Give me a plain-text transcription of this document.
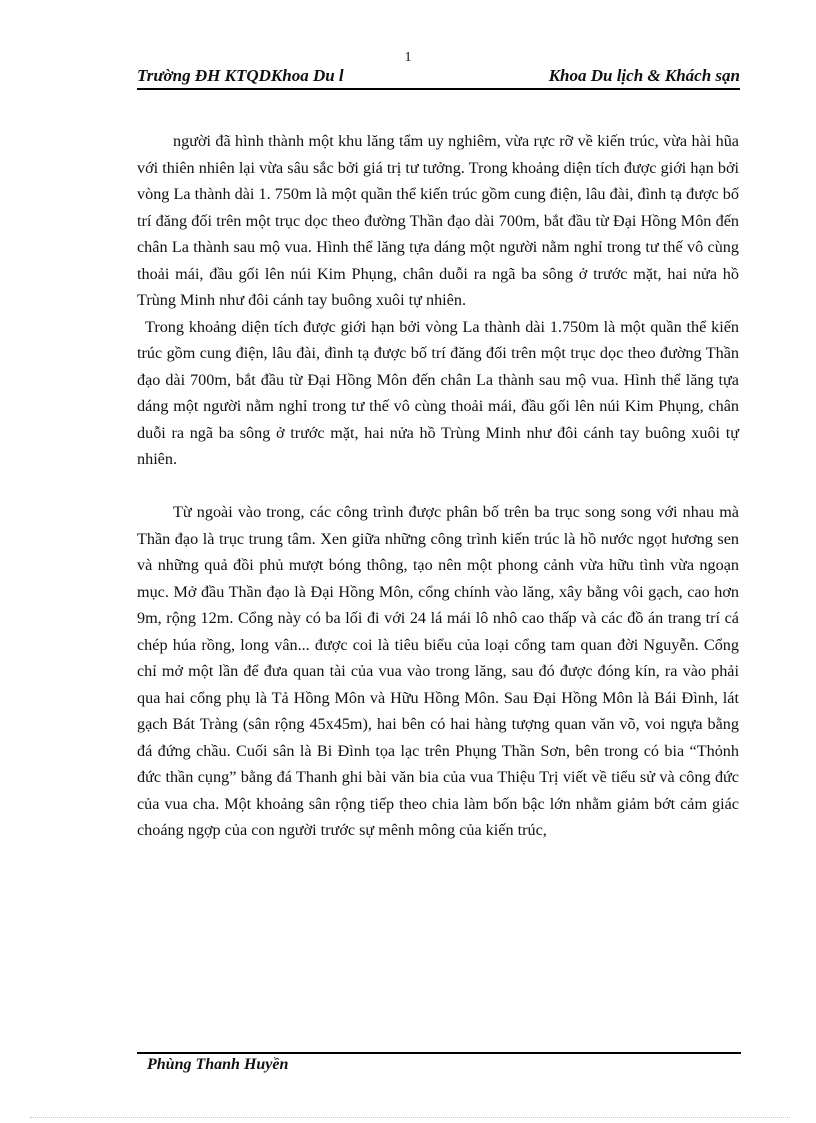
1
Trường ĐH KTQDKhoa Du l	Khoa Du lịch & Khách sạn

người đã hình thành một khu lăng tẩm uy nghiêm, vừa rực rỡ về kiến trúc, vừa hài hũa với thiên nhiên lại vừa sâu sắc bởi giá trị tư tưởng. Trong khoảng diện tích được giới hạn bởi vòng La thành dài 1. 750m là một quần thể kiến trúc gồm cung điện, lâu đài, đình tạ được bố trí đăng đối trên một trục dọc theo đường Thần đạo dài 700m, bắt đầu từ Đại Hồng Môn đến chân La thành sau mộ vua. Hình thể lăng tựa dáng một người nằm nghỉ trong tư thế vô cùng thoải mái, đầu gối lên núi Kim Phụng, chân duỗi ra ngã ba sông ở trước mặt, hai nửa hồ Trùng Minh như đôi cánh tay buông xuôi tự nhiên.

Trong khoảng diện tích được giới hạn bởi vòng La thành dài 1.750m là một quần thể kiến trúc gồm cung điện, lâu đài, đình tạ được bố trí đăng đối trên một trục dọc theo đường Thần đạo dài 700m, bắt đầu từ Đại Hồng Môn đến chân La thành sau mộ vua. Hình thể lăng tựa dáng một người nằm nghỉ trong tư thế vô cùng thoải mái, đầu gối lên núi Kim Phụng, chân duỗi ra ngã ba sông ở trước mặt, hai nửa hồ Trùng Minh như đôi cánh tay buông xuôi tự nhiên.

Từ ngoài vào trong, các công trình được phân bố trên ba trục song song với nhau mà Thần đạo là trục trung tâm. Xen giữa những công trình kiến trúc là hồ nước ngọt hương sen và những quả đồi phủ mượt bóng thông, tạo nên một phong cảnh vừa hữu tình vừa ngoạn mục. Mở đầu Thần đạo là Đại Hồng Môn, cổng chính vào lăng, xây bằng vôi gạch, cao hơn 9m, rộng 12m. Cổng này có ba lối đi với 24 lá mái lô nhô cao thấp và các đồ án trang trí cá chép húa rồng, long vân... được coi là tiêu biểu của loại cổng tam quan đời Nguyễn. Cổng chỉ mở một lần để đưa quan tài của vua vào trong lăng, sau đó được đóng kín, ra vào phải qua hai cổng phụ là Tả Hồng Môn và Hữu Hồng Môn. Sau Đại Hồng Môn là Bái Đình, lát gạch Bát Tràng (sân rộng 45x45m), hai bên có hai hàng tượng quan văn võ, voi ngựa bằng đá đứng chầu. Cuối sân là Bi Đình tọa lạc trên Phụng Thần Sơn, bên trong có bia “Thỏnh đức thần cụng” bằng đá Thanh ghi bài văn bia của vua Thiệu Trị viết về tiểu sử và công đức của vua cha. Một khoảng sân rộng tiếp theo chia làm bốn bậc lớn nhằm giảm bớt cảm giác choáng ngợp của con người trước sự mênh mông của kiến trúc,

Phùng Thanh Huyền
